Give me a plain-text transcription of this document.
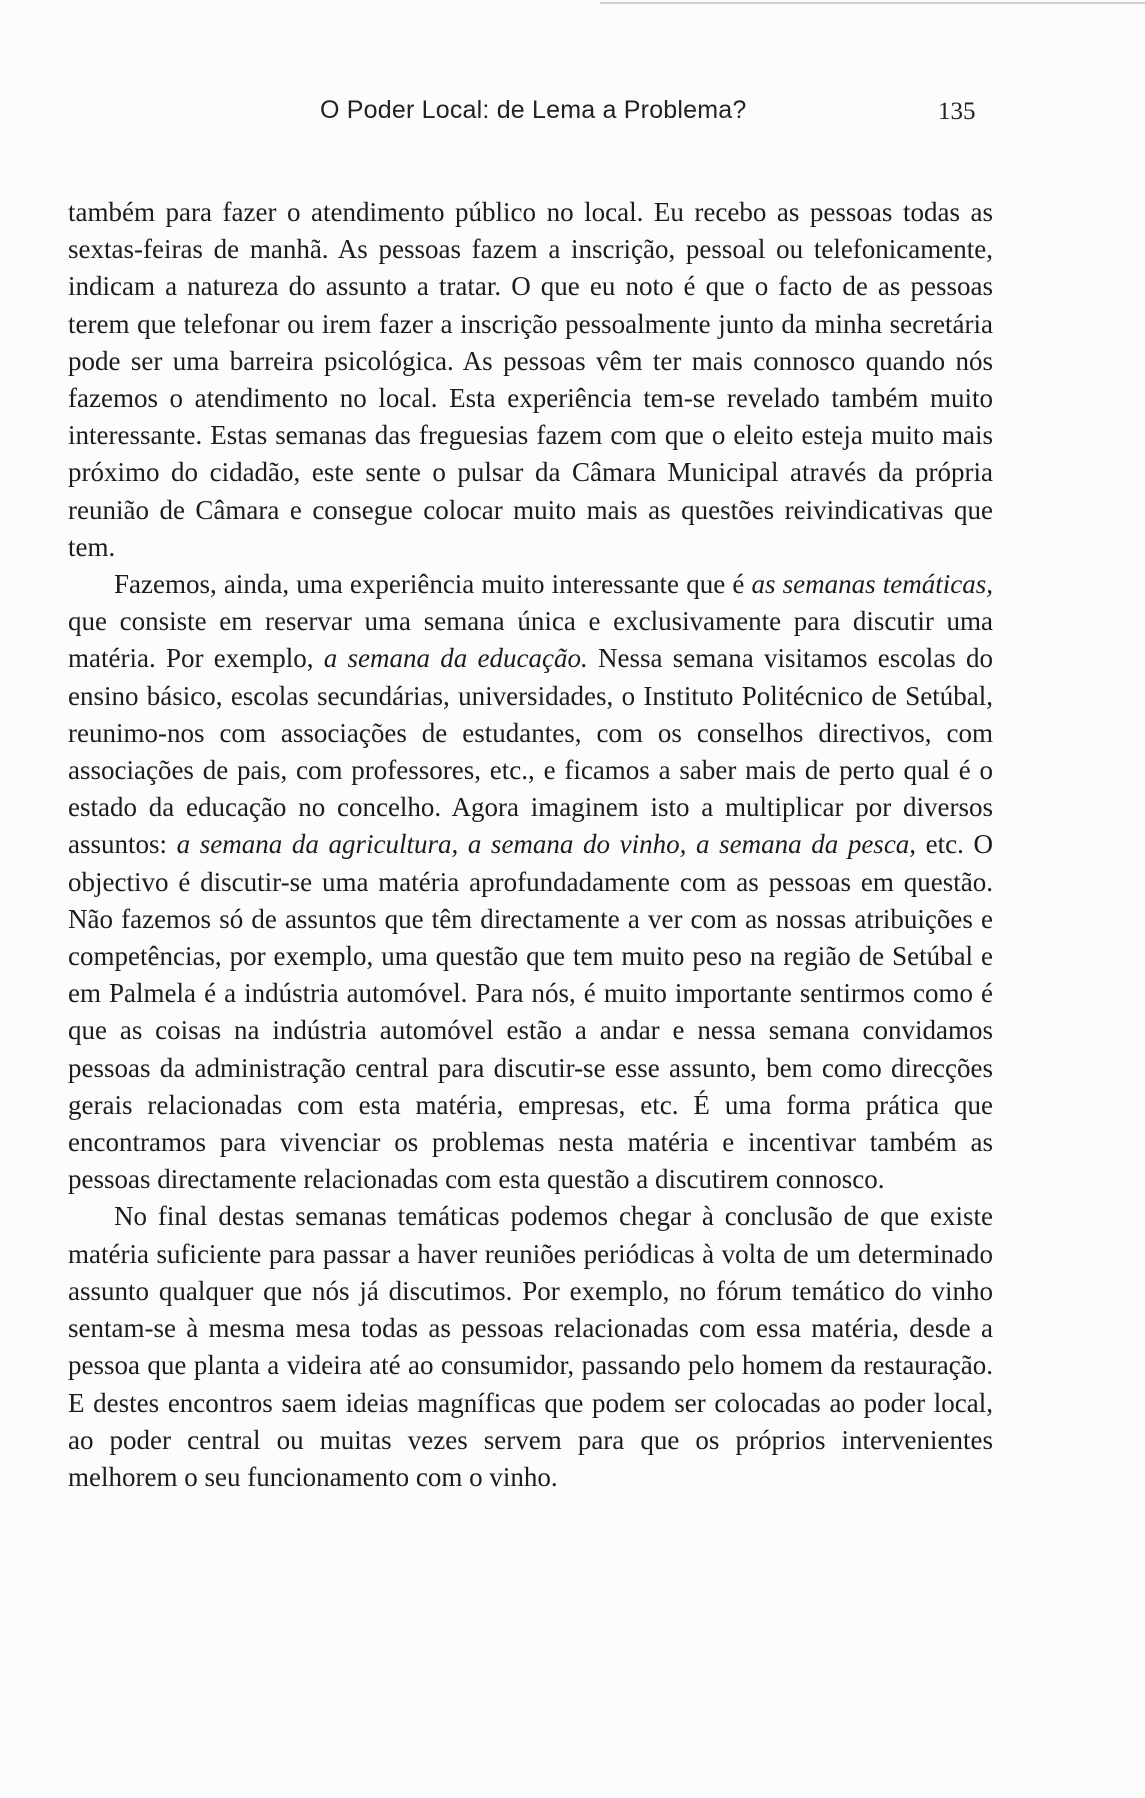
O Poder Local: de Lema a Problema?	135

também para fazer o atendimento público no local. Eu recebo as pessoas todas as sextas-feiras de manhã. As pessoas fazem a inscrição, pessoal ou telefonicamente, indicam a natureza do assunto a tratar. O que eu noto é que o facto de as pessoas terem que telefonar ou irem fazer a inscrição pessoalmente junto da minha secretária pode ser uma barreira psicológica. As pessoas vêm ter mais connosco quando nós fazemos o atendimento no local. Esta experiência tem-se revelado também muito interessante. Estas semanas das freguesias fazem com que o eleito esteja muito mais próximo do cidadão, este sente o pulsar da Câmara Municipal através da própria reunião de Câmara e consegue colocar muito mais as questões reivindicativas que tem.

Fazemos, ainda, uma experiência muito interessante que é as semanas temáticas, que consiste em reservar uma semana única e exclusivamente para discutir uma matéria. Por exemplo, a semana da educação. Nessa semana visitamos escolas do ensino básico, escolas secundárias, universidades, o Instituto Politécnico de Setúbal, reunimo-nos com associações de estudantes, com os conselhos directivos, com associações de pais, com professores, etc., e ficamos a saber mais de perto qual é o estado da educação no concelho. Agora imaginem isto a multiplicar por diversos assuntos: a semana da agricultura, a semana do vinho, a semana da pesca, etc. O objectivo é discutir-se uma matéria aprofundadamente com as pessoas em questão. Não fazemos só de assuntos que têm directamente a ver com as nossas atribuições e competências, por exemplo, uma questão que tem muito peso na região de Setúbal e em Palmela é a indústria automóvel. Para nós, é muito importante sentirmos como é que as coisas na indústria automóvel estão a andar e nessa semana convidamos pessoas da administração central para discutir-se esse assunto, bem como direcções gerais relacionadas com esta matéria, empresas, etc. É uma forma prática que encontramos para vivenciar os problemas nesta matéria e incentivar também as pessoas directamente relacionadas com esta questão a discutirem connosco.

No final destas semanas temáticas podemos chegar à conclusão de que existe matéria suficiente para passar a haver reuniões periódicas à volta de um determinado assunto qualquer que nós já discutimos. Por exemplo, no fórum temático do vinho sentam-se à mesma mesa todas as pessoas relacionadas com essa matéria, desde a pessoa que planta a videira até ao consumidor, passando pelo homem da restauração. E destes encontros saem ideias magníficas que podem ser colocadas ao poder local, ao poder central ou muitas vezes servem para que os próprios intervenientes melhorem o seu funcionamento com o vinho.
